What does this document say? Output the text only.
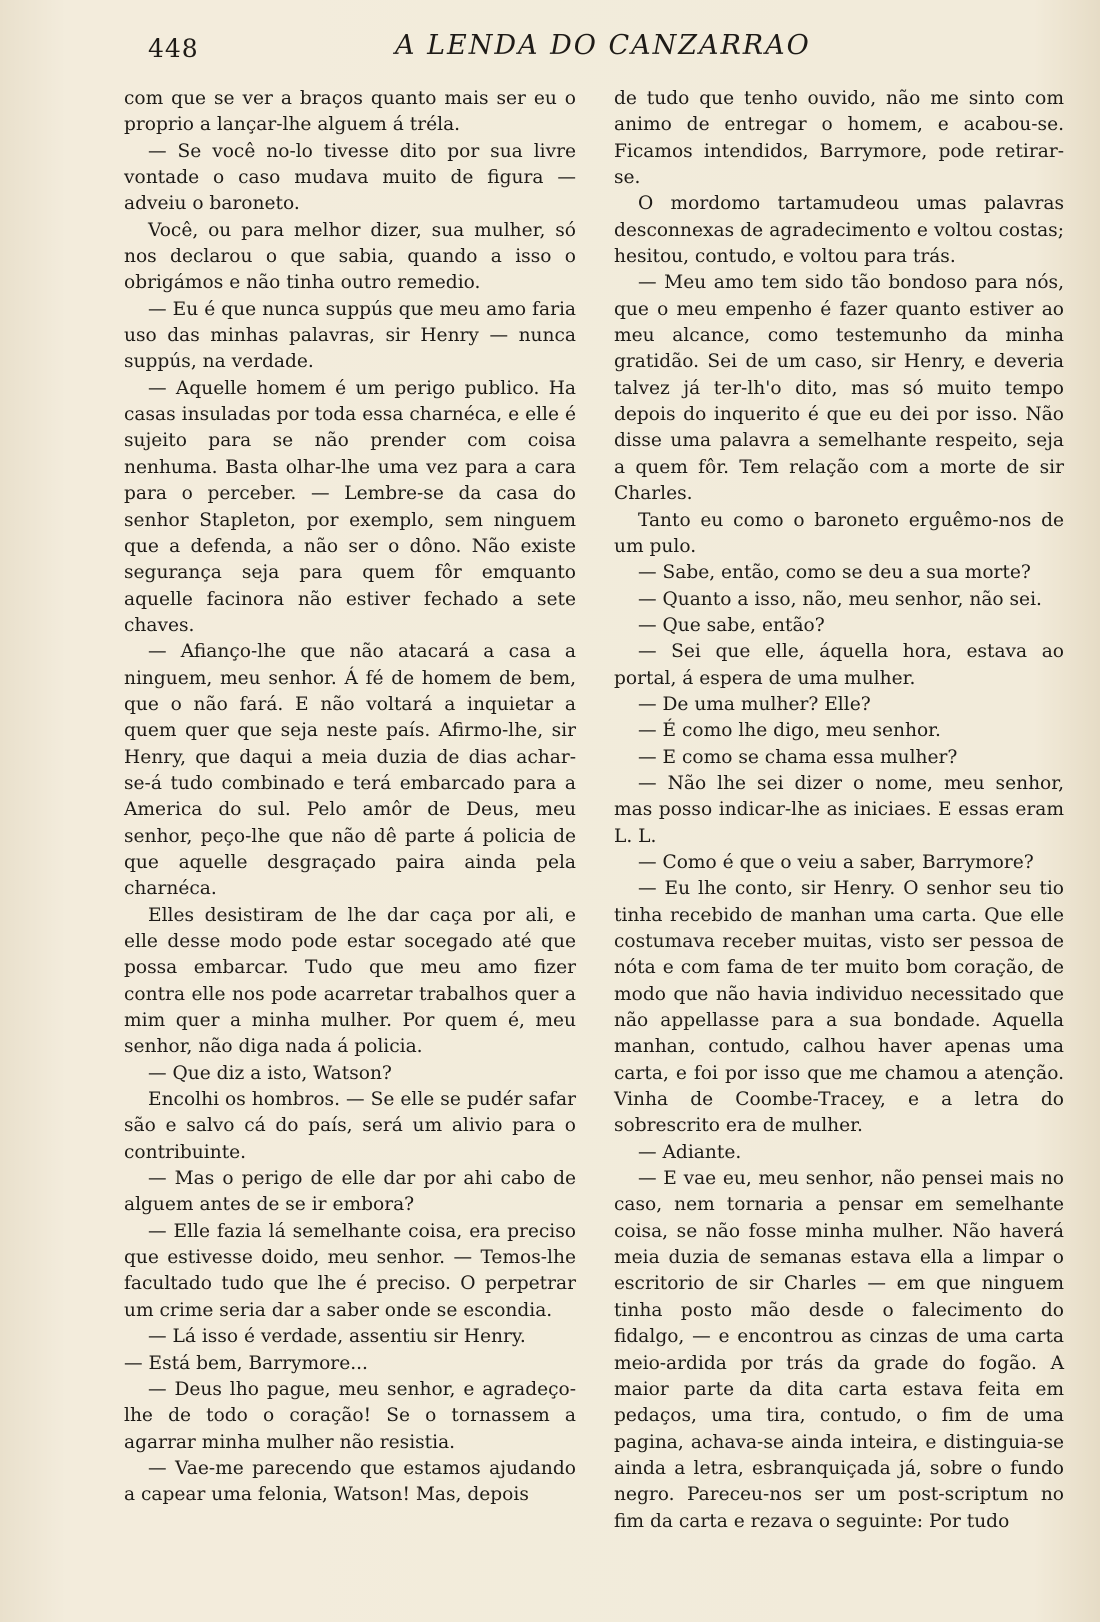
448	A LENDA DO CANZARRAO

com que se ver a braços quanto mais ser eu o proprio a lançar-lhe alguem á tréla.

— Se você no-lo tivesse dito por sua livre vontade o caso mudava muito de figura — adveiu o baroneto.

Você, ou para melhor dizer, sua mulher, só nos declarou o que sabia, quando a isso o obrigámos e não tinha outro remedio.

— Eu é que nunca suppús que meu amo faria uso das minhas palavras, sir Henry — nunca suppús, na verdade.

— Aquelle homem é um perigo publico. Ha casas insuladas por toda essa charnéca, e elle é sujeito para se não prender com coisa nenhuma. Basta olhar-lhe uma vez para a cara para o perceber. — Lembre-se da casa do senhor Stapleton, por exemplo, sem ninguem que a defenda, a não ser o dôno. Não existe segurança seja para quem fôr emquanto aquelle facinora não estiver fechado a sete chaves.

— Afianço-lhe que não atacará a casa a ninguem, meu senhor. Á fé de homem de bem, que o não fará. E não voltará a inquietar a quem quer que seja neste país. Afirmo-lhe, sir Henry, que daqui a meia duzia de dias achar-se-á tudo combinado e terá embarcado para a America do sul. Pelo amôr de Deus, meu senhor, peço-lhe que não dê parte á policia de que aquelle desgraçado paira ainda pela charnéca.

Elles desistiram de lhe dar caça por ali, e elle desse modo pode estar socegado até que possa embarcar. Tudo que meu amo fizer contra elle nos pode acarretar trabalhos quer a mim quer a minha mulher. Por quem é, meu senhor, não diga nada á policia.

— Que diz a isto, Watson?

Encolhi os hombros. — Se elle se pudér safar são e salvo cá do país, será um alivio para o contribuinte.

— Mas o perigo de elle dar por ahi cabo de alguem antes de se ir embora?

— Elle fazia lá semelhante coisa, era preciso que estivesse doido, meu senhor. — Temos-lhe facultado tudo que lhe é preciso. O perpetrar um crime seria dar a saber onde se escondia.

— Lá isso é verdade, assentiu sir Henry.

— Está bem, Barrymore...

— Deus lho pague, meu senhor, e agradeço-lhe de todo o coração! Se o tornassem a agarrar minha mulher não resistia.

— Vae-me parecendo que estamos ajudando a capear uma felonia, Watson! Mas, depois

de tudo que tenho ouvido, não me sinto com animo de entregar o homem, e acabou-se. Ficamos intendidos, Barrymore, pode retirar-se.

O mordomo tartamudeou umas palavras desconnexas de agradecimento e voltou costas; hesitou, contudo, e voltou para trás.

— Meu amo tem sido tão bondoso para nós, que o meu empenho é fazer quanto estiver ao meu alcance, como testemunho da minha gratidão. Sei de um caso, sir Henry, e deveria talvez já ter-lh'o dito, mas só muito tempo depois do inquerito é que eu dei por isso. Não disse uma palavra a semelhante respeito, seja a quem fôr. Tem relação com a morte de sir Charles.

Tanto eu como o baroneto erguêmo-nos de um pulo.

— Sabe, então, como se deu a sua morte?

— Quanto a isso, não, meu senhor, não sei.

— Que sabe, então?

— Sei que elle, áquella hora, estava ao portal, á espera de uma mulher.

— De uma mulher? Elle?

— É como lhe digo, meu senhor.

— E como se chama essa mulher?

— Não lhe sei dizer o nome, meu senhor, mas posso indicar-lhe as iniciaes. E essas eram L. L.

— Como é que o veiu a saber, Barrymore?

— Eu lhe conto, sir Henry. O senhor seu tio tinha recebido de manhan uma carta. Que elle costumava receber muitas, visto ser pessoa de nóta e com fama de ter muito bom coração, de modo que não havia individuo necessitado que não appellasse para a sua bondade. Aquella manhan, contudo, calhou haver apenas uma carta, e foi por isso que me chamou a atenção. Vinha de Coombe-Tracey, e a letra do sobrescrito era de mulher.

— Adiante.

— E vae eu, meu senhor, não pensei mais no caso, nem tornaria a pensar em semelhante coisa, se não fosse minha mulher. Não haverá meia duzia de semanas estava ella a limpar o escritorio de sir Charles — em que ninguem tinha posto mão desde o falecimento do fidalgo, — e encontrou as cinzas de uma carta meio-ardida por trás da grade do fogão. A maior parte da dita carta estava feita em pedaços, uma tira, contudo, o fim de uma pagina, achava-se ainda inteira, e distinguia-se ainda a letra, esbranquiçada já, sobre o fundo negro. Pareceu-nos ser um post-scriptum no fim da carta e rezava o seguinte: Por tudo
